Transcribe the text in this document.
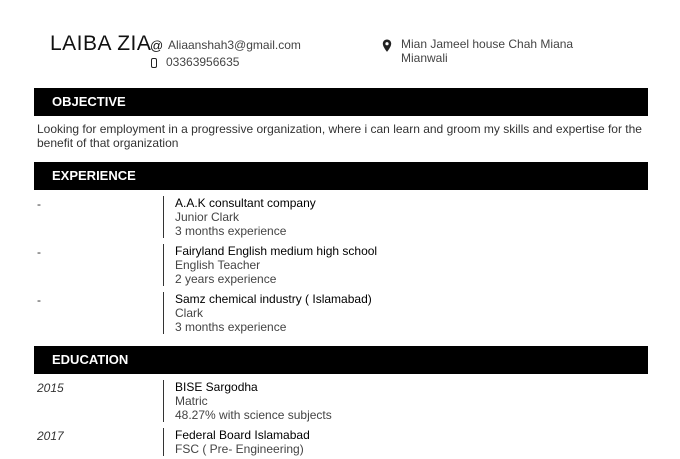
LAIBA ZIA
@ Aliaanshah3@gmail.com
03363956635
Mian Jameel house Chah Miana
Mianwali
OBJECTIVE
Looking for employment in a progressive organization, where i can learn and groom my skills and expertise for the
benefit of that organization
EXPERIENCE
-	A.A.K consultant company
Junior Clark
3 months experience
-	Fairyland English medium high school
English Teacher
2 years experience
-	Samz chemical industry ( Islamabad)
Clark
3 months experience
EDUCATION
2015	BISE Sargodha
Matric
48.27% with science subjects
2017	Federal Board Islamabad
FSC ( Pre- Engineering)
